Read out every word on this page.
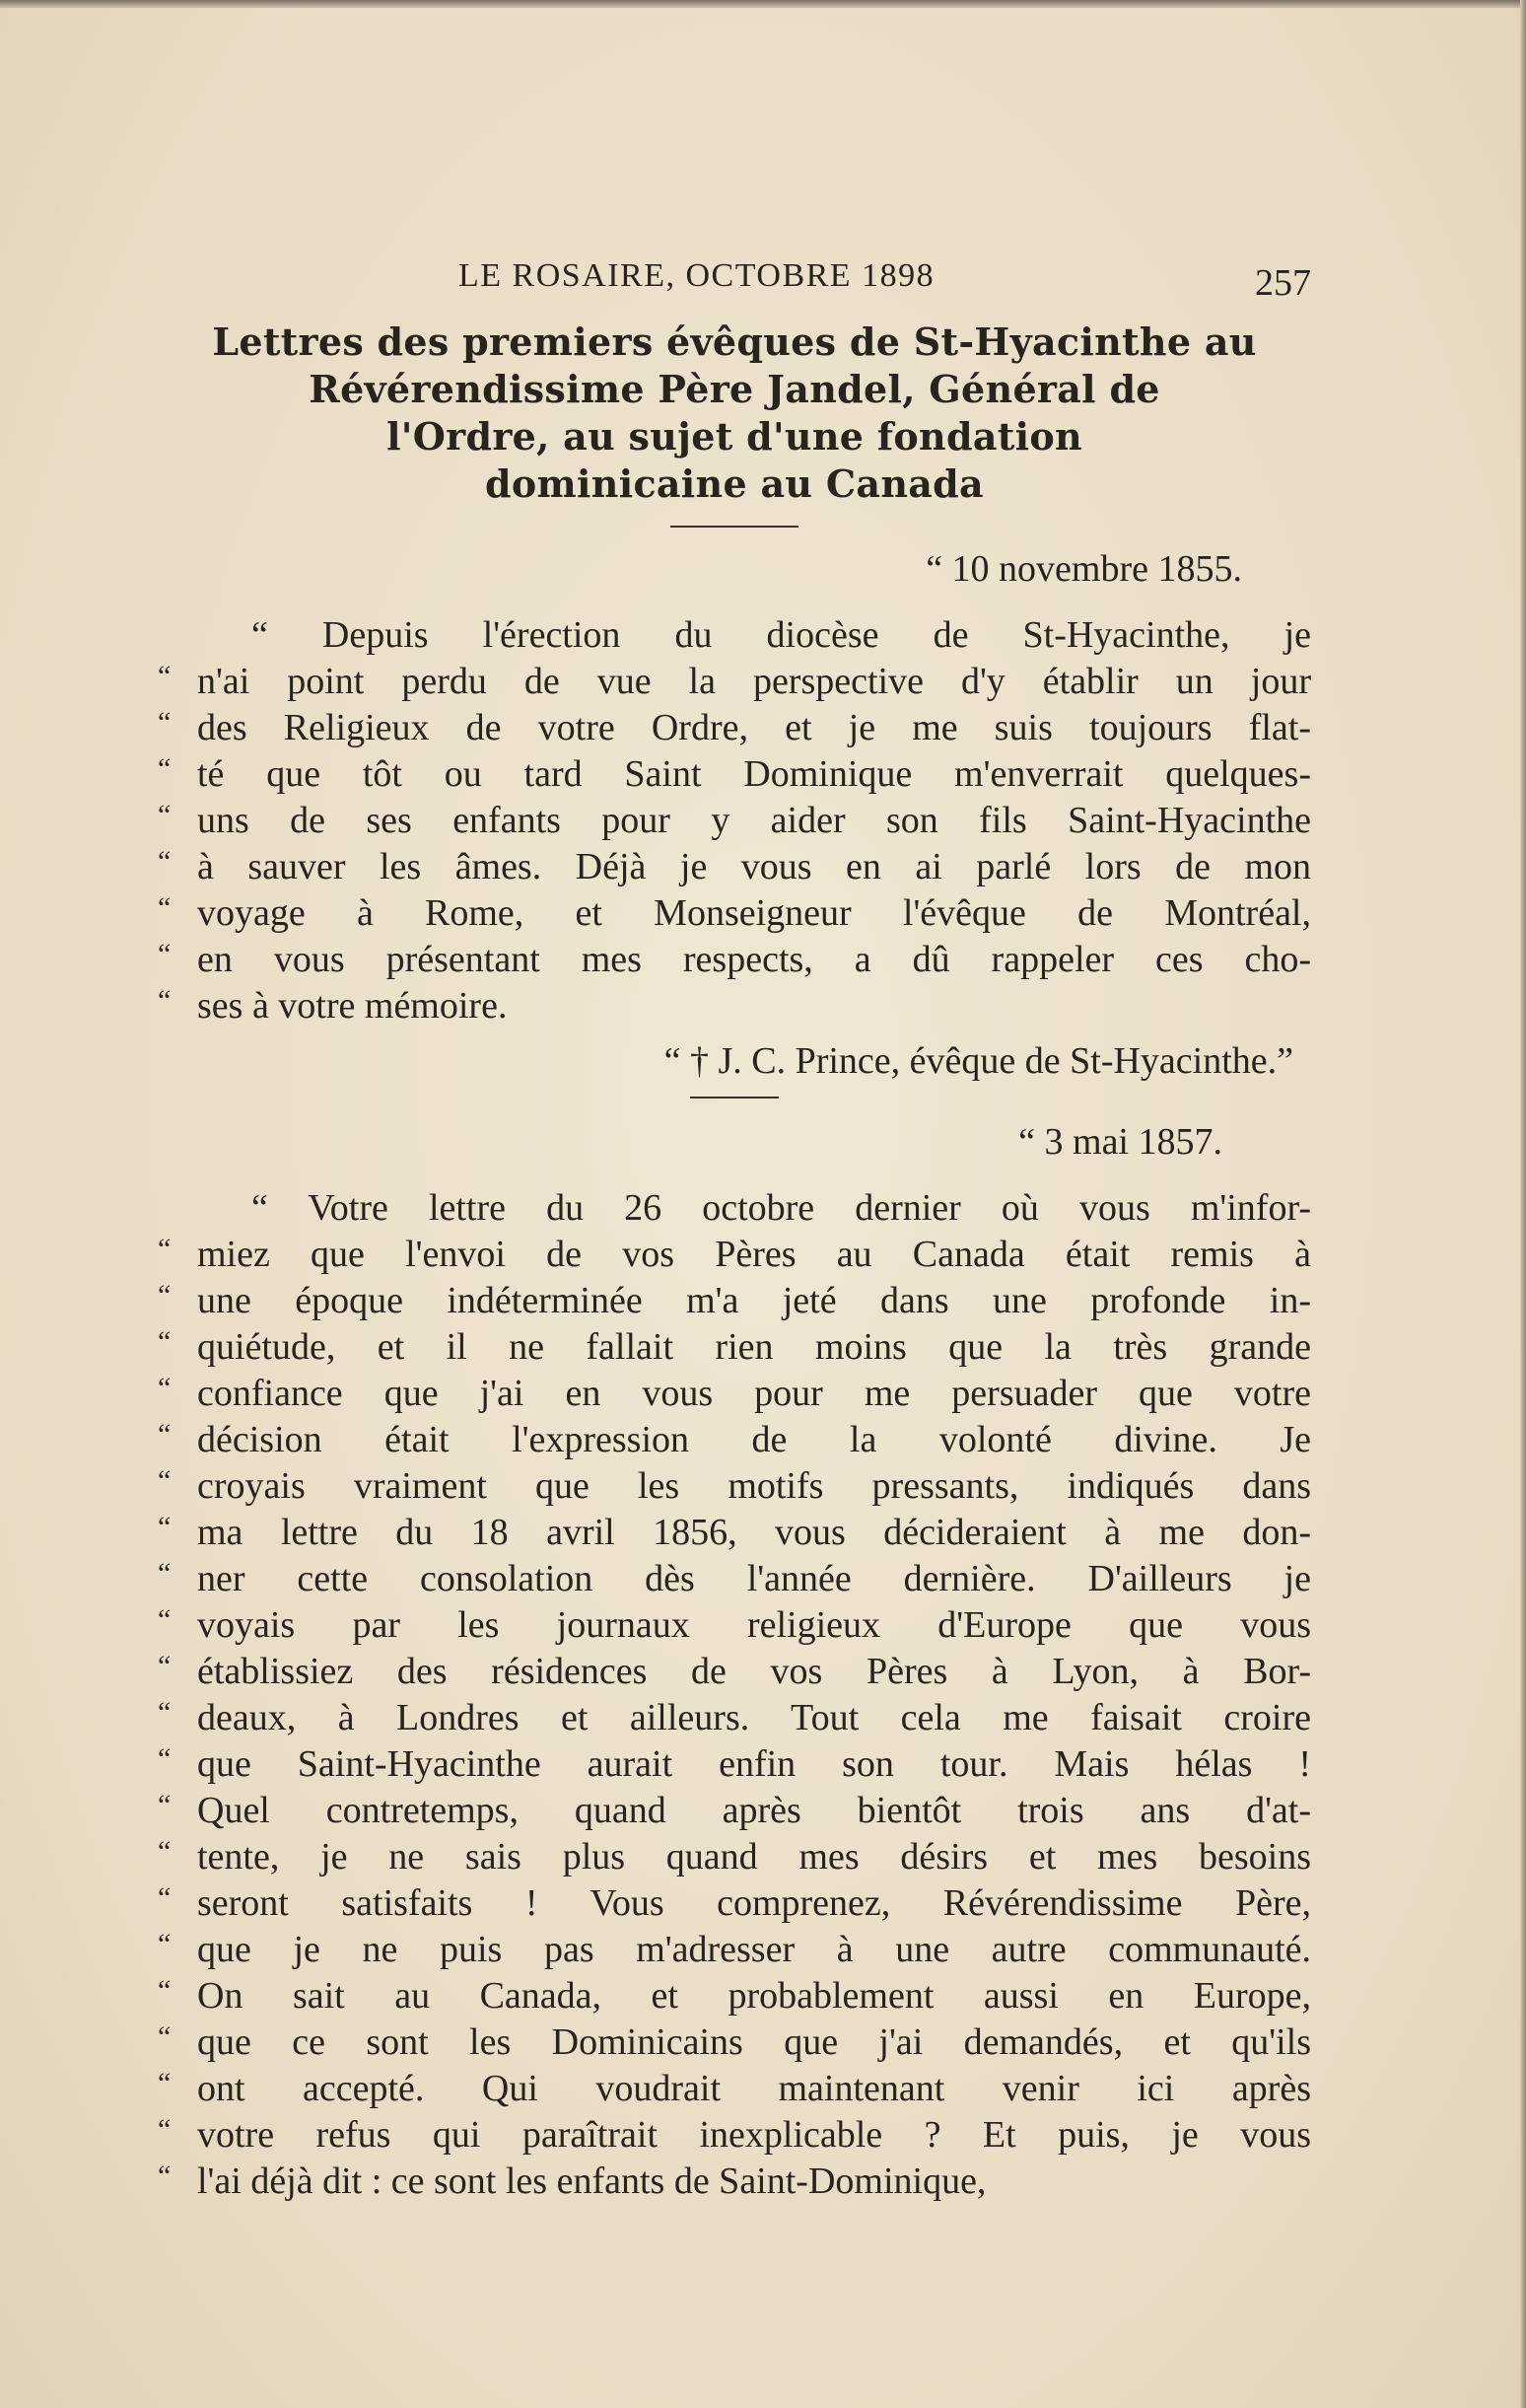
LE ROSAIRE, OCTOBRE 1898	257
Lettres des premiers évêques de St-Hyacinthe au
Révérendissime Père Jandel, Général de
l'Ordre, au sujet d'une fondation
dominicaine au Canada
“ 10 novembre 1855.
“ Depuis l'érection du diocèse de St-Hyacinthe, je
“ n'ai point perdu de vue la perspective d'y établir un jour
“ des Religieux de votre Ordre, et je me suis toujours flat-
“ té que tôt ou tard Saint Dominique m'enverrait quelques-
“ uns de ses enfants pour y aider son fils Saint-Hyacinthe
“ à sauver les âmes. Déjà je vous en ai parlé lors de mon
“ voyage à Rome, et Monseigneur l'évêque de Montréal,
“ en vous présentant mes respects, a dû rappeler ces cho-
“ ses à votre mémoire.
“ † J. C. Prince, évêque de St-Hyacinthe.”
“ 3 mai 1857.
“ Votre lettre du 26 octobre dernier où vous m'infor-
“ miez que l'envoi de vos Pères au Canada était remis à
“ une époque indéterminée m'a jeté dans une profonde in-
“ quiétude, et il ne fallait rien moins que la très grande
“ confiance que j'ai en vous pour me persuader que votre
“ décision était l'expression de la volonté divine. Je
“ croyais vraiment que les motifs pressants, indiqués dans
“ ma lettre du 18 avril 1856, vous décideraient à me don-
“ ner cette consolation dès l'année dernière. D'ailleurs je
“ voyais par les journaux religieux d'Europe que vous
“ établissiez des résidences de vos Pères à Lyon, à Bor-
“ deaux, à Londres et ailleurs. Tout cela me faisait croire
“ que Saint-Hyacinthe aurait enfin son tour. Mais hélas !
“ Quel contretemps, quand après bientôt trois ans d'at-
“ tente, je ne sais plus quand mes désirs et mes besoins
“ seront satisfaits ! Vous comprenez, Révérendissime Père,
“ que je ne puis pas m'adresser à une autre communauté.
“ On sait au Canada, et probablement aussi en Europe,
“ que ce sont les Dominicains que j'ai demandés, et qu'ils
“ ont accepté. Qui voudrait maintenant venir ici après
“ votre refus qui paraîtrait inexplicable ? Et puis, je vous
“ l'ai déjà dit : ce sont les enfants de Saint-Dominique,
